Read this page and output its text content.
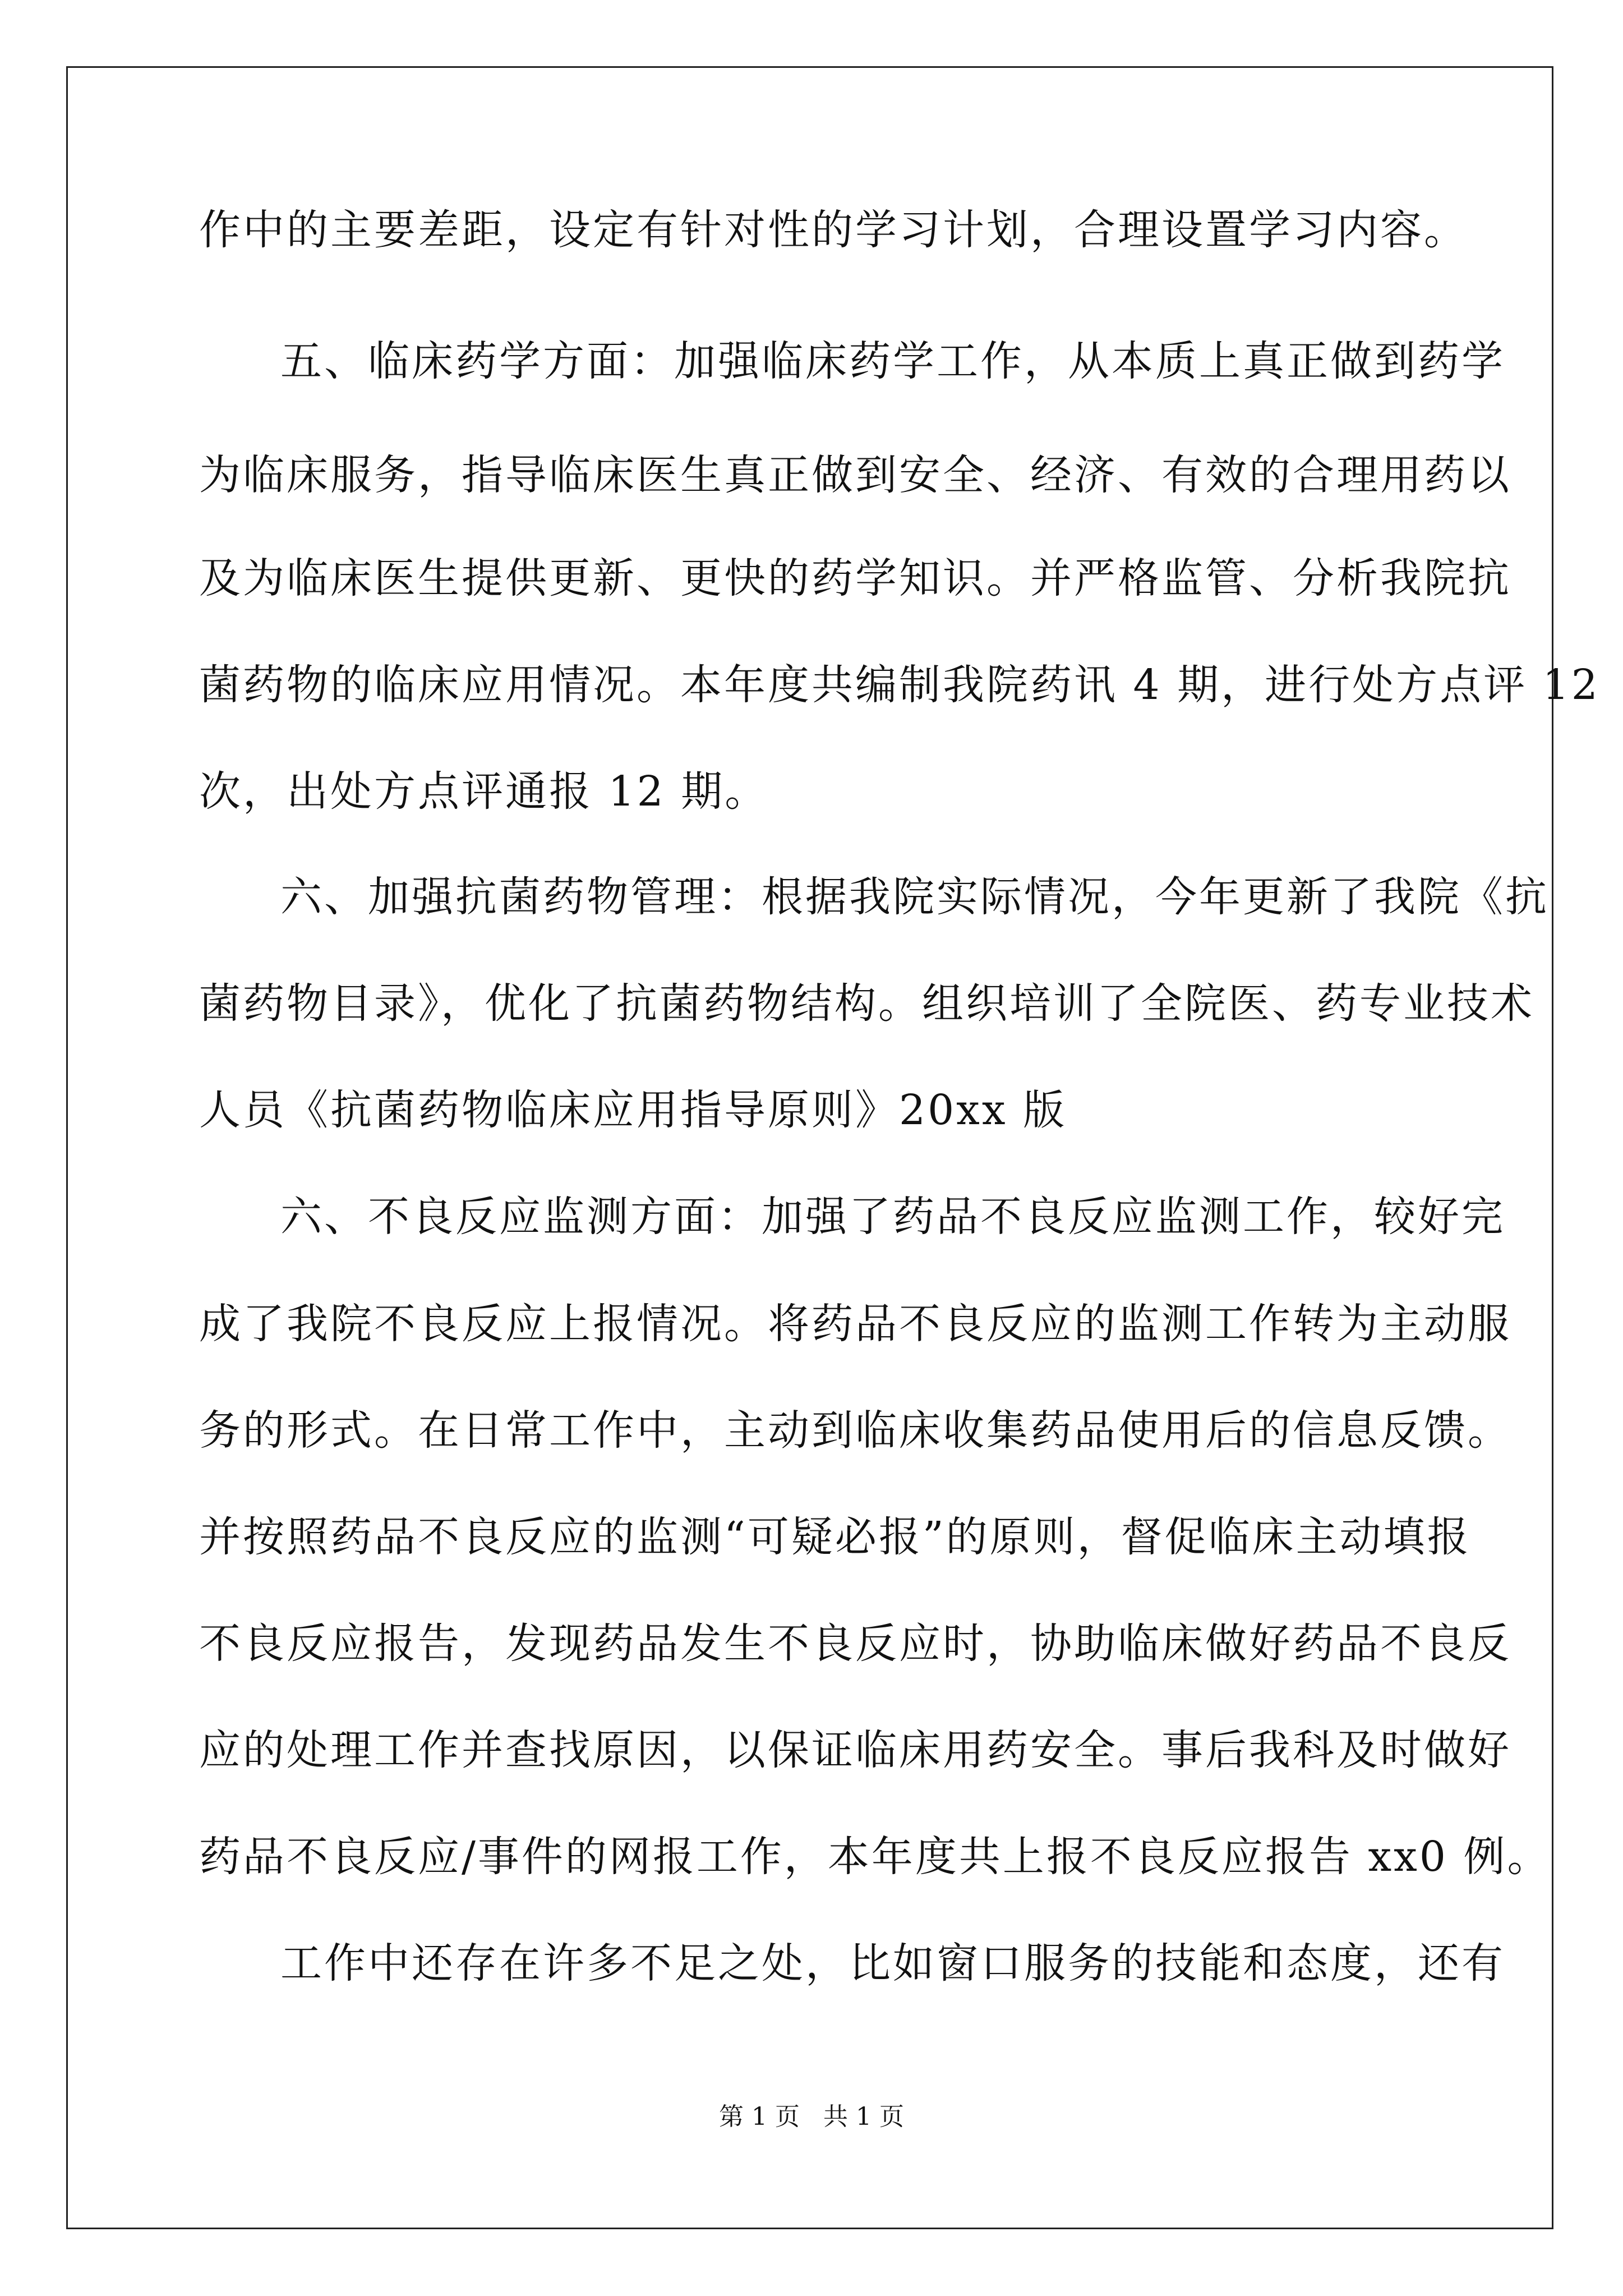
作中的主要差距，设定有针对性的学习计划，合理设置学习内容。
五、临床药学方面：加强临床药学工作，从本质上真正做到药学
为临床服务，指导临床医生真正做到安全、经济、有效的合理用药以
及为临床医生提供更新、更快的药学知识。并严格监管、分析我院抗
菌药物的临床应用情况。本年度共编制我院药讯 4 期，进行处方点评 12
次，出处方点评通报 12 期。
六、加强抗菌药物管理：根据我院实际情况，今年更新了我院《抗
菌药物目录》，优化了抗菌药物结构。组织培训了全院医、药专业技术
人员《抗菌药物临床应用指导原则》20xx 版
六、不良反应监测方面：加强了药品不良反应监测工作，较好完
成了我院不良反应上报情况。将药品不良反应的监测工作转为主动服
务的形式。在日常工作中，主动到临床收集药品使用后的信息反馈。
并按照药品不良反应的监测“可疑必报”的原则，督促临床主动填报
不良反应报告，发现药品发生不良反应时，协助临床做好药品不良反
应的处理工作并查找原因，以保证临床用药安全。事后我科及时做好
药品不良反应/事件的网报工作，本年度共上报不良反应报告 xx0 例。
工作中还存在许多不足之处，比如窗口服务的技能和态度，还有
第 1 页   共 1 页
